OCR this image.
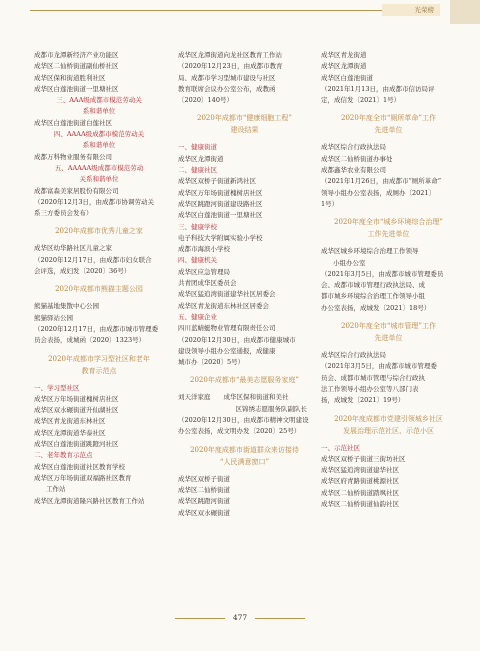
光荣榜
成都市龙潭新经济产业功能区
成华区二仙桥街道副仙桥社区
成华区保和街道胜利社区
成华区白莲池街道一里塘社区
三、AAA级成都市模范劳动关
系和谐单位
成华区白莲池街道白莲社区
四、AAAA级成都市模范劳动关
系和谐单位
成都万科物业服务有限公司
五、AAAAA级成都市模范劳动
关系和谐单位
成都富森美家居股份有限公司
（2020年12月3日，由成都市协调劳动关
系三方委员会发布）
2020年成都市优秀儿童之家
成华区幼华路社区儿童之家
（2020年12月17日，由成都市妇女联合
会评选，成妇发〔2020〕36号）
2020年成都市熊猫主题公园
熊猫基地集散中心公园
熊猫驿站公园
（2020年12月17日，由成都市城市管理委
员会表扬，成城函〔2020〕1323号）
2020年成都市学习型社区和老年
教育示范点
一、学习型社区
成华区万年场街道槐树店社区
成华区双水碾街道升仙湖社区
成华区青龙街道东林社区
成华区龙潭街道华泰社区
成华区白莲池街道跳蹬河社区
二、老年教育示范点
成华区白莲池街道社区教育学校
成华区万年场街道双福路社区教育
工作站
成华区龙潭街道隆兴路社区教育工作站
成华区龙潭街道向龙社区教育工作站
（2020年12月23日，由成都市教育
局、成都市学习型城市建设与社区
教育联席会议办公室公布，成教函
〔2020〕140号）
2020年成都市“健康细胞工程”
建设结果
一、健康街道
成华区龙潭街道
二、健康社区
成华区双桥子街道新鸿社区
成华区万年场街道槐树店社区
成华区跳蹬河街道建设路社区
成华区白莲池街道一里塘社区
三、健康学校
电子科技大学附属实验小学校
成都市海滨小学校
四、健康机关
成华区应急管理局
共青团成华区委员会
成华区猛追湾街道建华社区居委会
成华区青龙街道东林社区居委会
五、健康企业
四川蓝蜻蜓物业管理有限责任公司
（2020年12月30日，由成都市健康城市
建设领导小组办公室通报，成健康
城市办〔2020〕5号）
2020年成都市“最美志愿服务家庭”
刘天洋家庭　　成华区保和街道和美社
　　　　　　　区锦绣志愿服务队副队长
（2020年12月30日，由成都市精神文明建设
办公室表扬，成文明办发〔2020〕25号）
2020年度成都市街道群众来访接待
“人民满意窗口”
成华区双桥子街道
成华区二仙桥街道
成华区跳蹬河街道
成华区双水碾街道
成华区青龙街道
成华区龙潭街道
成华区白莲池街道
（2021年1月13日，由成都市信访局评
定，成信发〔2021〕1号）
2020年度全市“厕所革命”工作
先进单位
成华区综合行政执法局
成华区二仙桥街道办事处
成都鑫华农业有限公司
（2021年1月26日，由成都市“厕所革命”
领导小组办公室表扬，成厕办〔2021〕
1号）
2020年度全市“城乡环境综合治理”
工作先进单位
成华区城乡环境综合治理工作领导
小组办公室
（2021年3月5日，由成都市城市管理委员
会、成都市城市管理行政执法局、成
都市城乡环境综合治理工作领导小组
办公室表扬，成城发〔2021〕18号）
2020年度全市“城市管理”工作
先进单位
成华区综合行政执法局
（2021年3月5日，由成都市城市管理委
员会、成都市城市管理与综合行政执
法工作领导小组办公室等八部门表
扬，成城发〔2021〕19号）
2020年度成都市党建引领城乡社区
发展治理示范社区、示范小区
一、示范社区
成华区双桥子街道三街坊社区
成华区猛追湾街道建华社区
成华区府青路街道桃源社区
成华区二仙桥街道踏飒社区
成华区二仙桥街道仙韵社区
477
